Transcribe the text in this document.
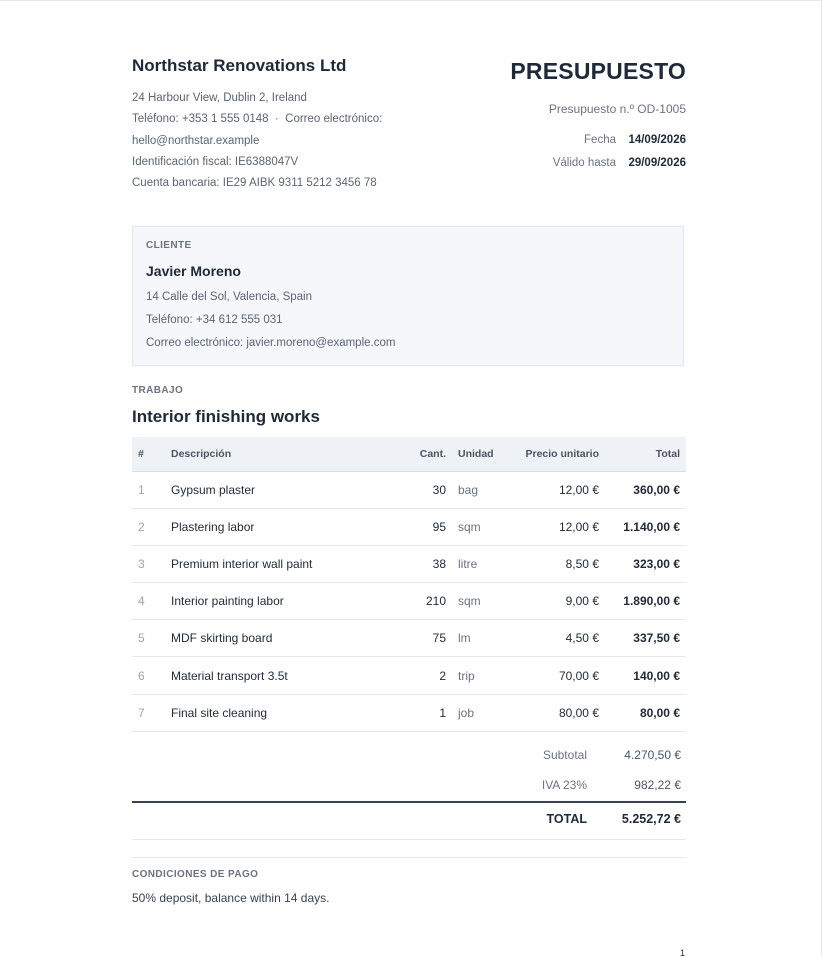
Northstar Renovations Ltd
24 Harbour View, Dublin 2, Ireland
Teléfono: +353 1 555 0148  ·  Correo electrónico:
hello@northstar.example
Identificación fiscal: IE6388047V
Cuenta bancaria: IE29 AIBK 9311 5212 3456 78
PRESUPUESTO
Presupuesto n.º OD-1005
Fecha 14/09/2026
Válido hasta 29/09/2026
CLIENTE
Javier Moreno
14 Calle del Sol, Valencia, Spain
Teléfono: +34 612 555 031
Correo electrónico: javier.moreno@example.com
TRABAJO
Interior finishing works
#	Descripción	Cant.	Unidad	Precio unitario	Total
1	Gypsum plaster	30	bag	12,00 €	360,00 €
2	Plastering labor	95	sqm	12,00 €	1.140,00 €
3	Premium interior wall paint	38	litre	8,50 €	323,00 €
4	Interior painting labor	210	sqm	9,00 €	1.890,00 €
5	MDF skirting board	75	lm	4,50 €	337,50 €
6	Material transport 3.5t	2	trip	70,00 €	140,00 €
7	Final site cleaning	1	job	80,00 €	80,00 €
Subtotal	4.270,50 €
IVA 23%	982,22 €
TOTAL	5.252,72 €
CONDICIONES DE PAGO
50% deposit, balance within 14 days.
1
